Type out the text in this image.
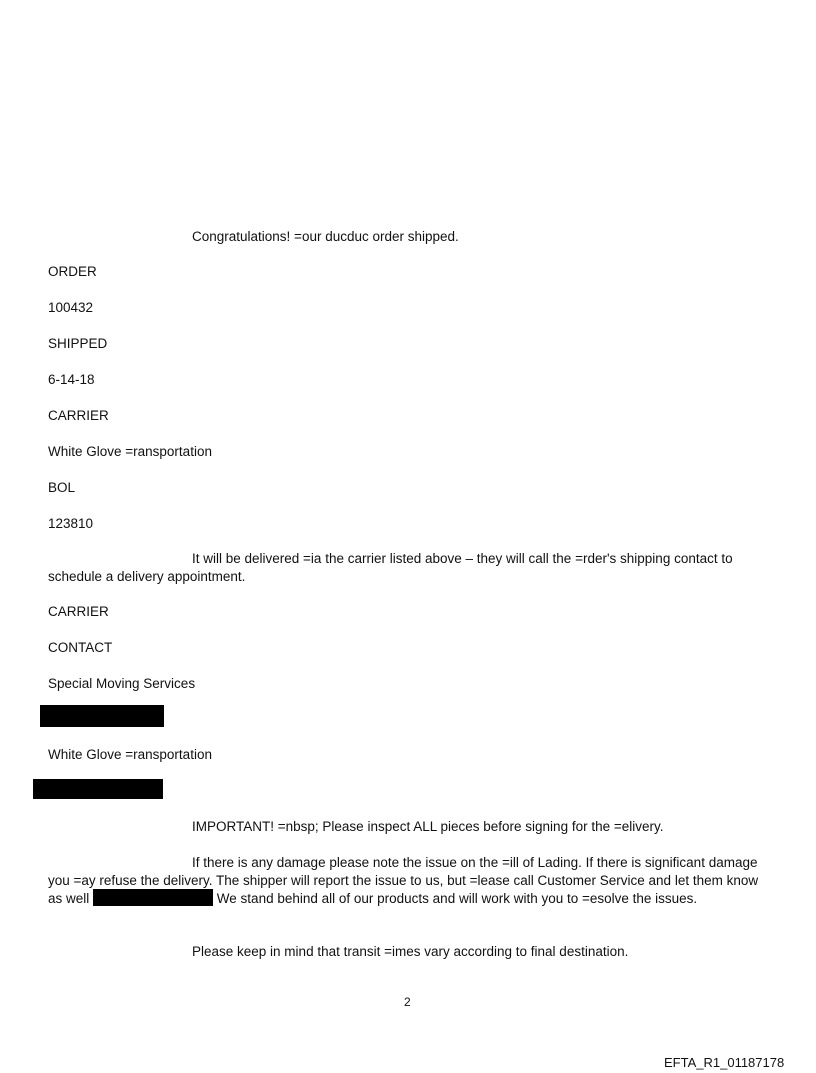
Congratulations! =our ducduc order shipped.
ORDER
100432
SHIPPED
6-14-18
CARRIER
White Glove =ransportation
BOL
123810
It will be delivered =ia the carrier listed above – they will call the =rder's shipping contact to
schedule a delivery appointment.
CARRIER
CONTACT
Special Moving Services
White Glove =ransportation
IMPORTANT! =nbsp; Please inspect ALL pieces before signing for the =elivery.
If there is any damage please note the issue on the =ill of Lading. If there is significant damage
you =ay refuse the delivery. The shipper will report the issue to us, but =lease call Customer Service and let them know
as well	We stand behind all of our products and will work with you to =esolve the issues.
Please keep in mind that transit =imes vary according to final destination.
2
EFTA_R1_01187178
